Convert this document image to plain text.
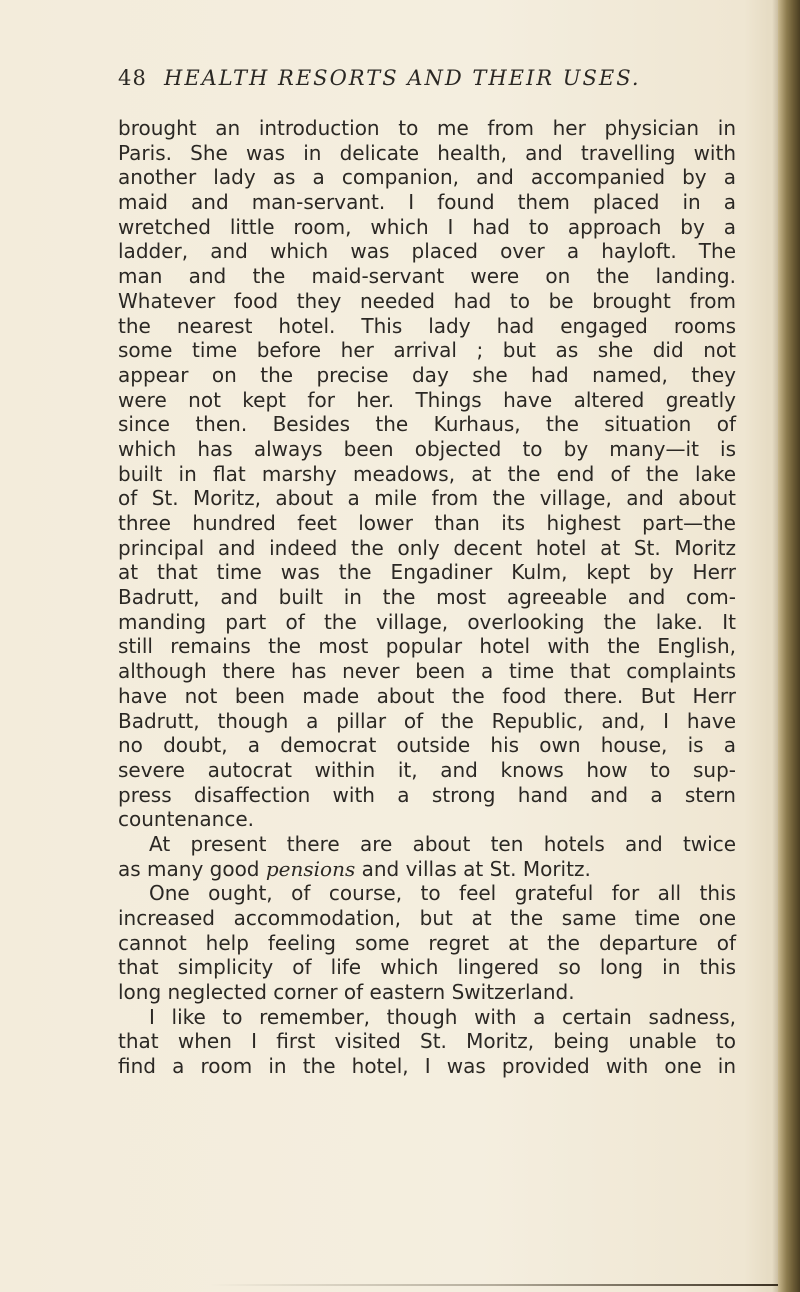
48 HEALTH RESORTS AND THEIR USES.
brought an introduction to me from her physician in
Paris. She was in delicate health, and travelling with
another lady as a companion, and accompanied by a
maid and man-servant. I found them placed in a
wretched little room, which I had to approach by a
ladder, and which was placed over a hayloft. The
man and the maid-servant were on the landing.
Whatever food they needed had to be brought from
the nearest hotel. This lady had engaged rooms
some time before her arrival ; but as she did not
appear on the precise day she had named, they
were not kept for her. Things have altered greatly
since then. Besides the Kurhaus, the situation of
which has always been objected to by many—it is
built in flat marshy meadows, at the end of the lake
of St. Moritz, about a mile from the village, and about
three hundred feet lower than its highest part—the
principal and indeed the only decent hotel at St. Moritz
at that time was the Engadiner Kulm, kept by Herr
Badrutt, and built in the most agreeable and com-
manding part of the village, overlooking the lake. It
still remains the most popular hotel with the English,
although there has never been a time that complaints
have not been made about the food there. But Herr
Badrutt, though a pillar of the Republic, and, I have
no doubt, a democrat outside his own house, is a
severe autocrat within it, and knows how to sup-
press disaffection with a strong hand and a stern
countenance.
At present there are about ten hotels and twice
as many good pensions and villas at St. Moritz.
One ought, of course, to feel grateful for all this
increased accommodation, but at the same time one
cannot help feeling some regret at the departure of
that simplicity of life which lingered so long in this
long neglected corner of eastern Switzerland.
I like to remember, though with a certain sadness,
that when I first visited St. Moritz, being unable to
find a room in the hotel, I was provided with one in
